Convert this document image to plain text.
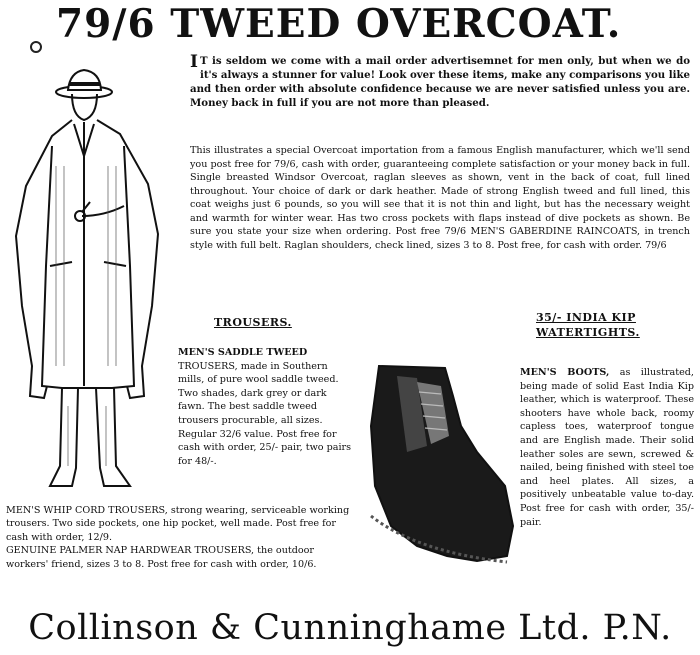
79/6 TWEED OVERCOAT.

I T is seldom we come with a mail order advertisemnet for men only, but when we do it's always a stunner for value! Look over these items, make any comparisons you like and then order with absolute confidence because we are never satisfied unless you are. Money back in full if you are not more than pleased.

This illustrates a special Overcoat importation from a famous English manufacturer, which we'll send you post free for 79/6, cash with order, guaranteeing complete satisfaction or your money back in full. Single breasted Windsor Overcoat, raglan sleeves as shown, vent in the back of coat, full lined throughout. Your choice of dark or dark heather. Made of strong English tweed and full lined, this coat weighs just 6 pounds, so you will see that it is not thin and light, but has the necessary weight and warmth for winter wear. Has two cross pockets with flaps instead of dive pockets as shown. Be sure you state your size when ordering. Post free 79/6 MEN'S GABERDINE RAINCOATS, in trench style with full belt. Raglan shoulders, check lined, sizes 3 to 8. Post free, for cash with order. 79/6

TROUSERS.

MEN'S SADDLE TWEED TROUSERS, made in Southern mills, of pure wool saddle tweed. Two shades, dark grey or dark fawn. The best saddle tweed trousers procurable, all sizes. Regular 32/6 value. Post free for cash with order, 25/- pair, two pairs for 48/-.

35/- INDIA KIP WATERTIGHTS.

MEN'S BOOTS, as illustrated, being made of solid East India Kip leather, which is waterproof. These shooters have whole back, roomy capless toes, waterproof tongue and are English made. Their solid leather soles are sewn, screwed & nailed, being finished with steel toe and heel plates. All sizes, a positively unbeatable value to-day. Post free for cash with order, 35/- pair.

MEN'S WHIP CORD TROUSERS, strong wearing, serviceable working trousers. Two side pockets, one hip pocket, well made. Post free for cash with order, 12/9.
GENUINE PALMER NAP HARDWEAR TROUSERS, the outdoor workers' friend, sizes 3 to 8. Post free for cash with order, 10/6.
Collinson & Cunninghame Ltd. P.N.
